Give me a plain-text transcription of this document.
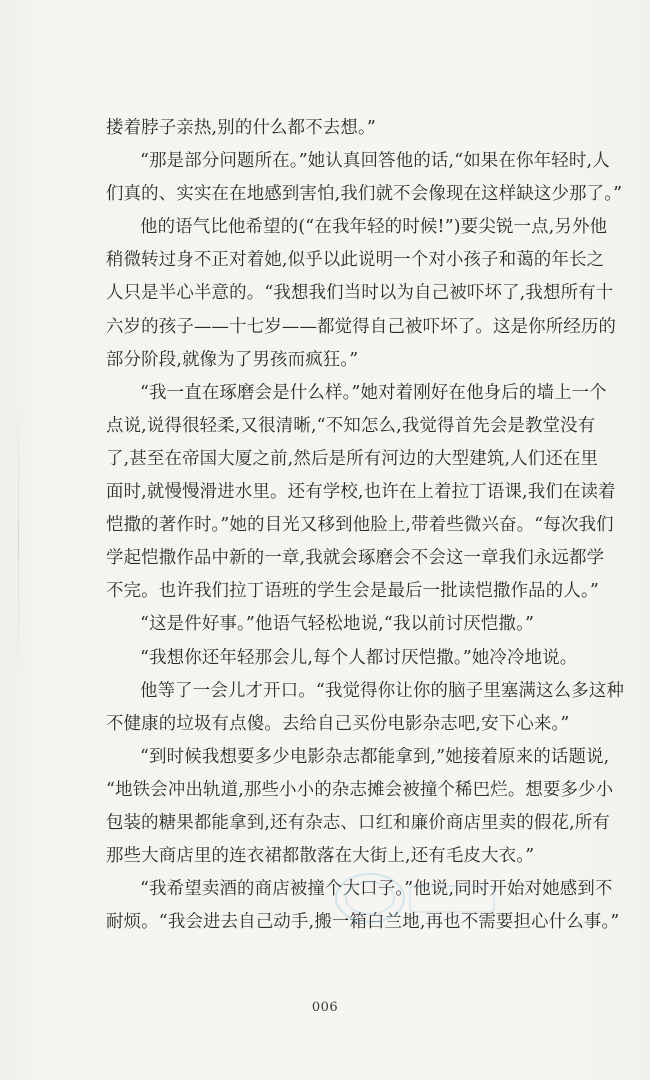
搂着脖子亲热,别的什么都不去想。”
“那是部分问题所在。”她认真回答他的话,“如果在你年轻时,人
们真的、实实在在地感到害怕,我们就不会像现在这样缺这少那了。”
他的语气比他希望的(“在我年轻的时候!”)要尖锐一点,另外他
稍微转过身不正对着她,似乎以此说明一个对小孩子和蔼的年长之
人只是半心半意的。“我想我们当时以为自己被吓坏了,我想所有十
六岁的孩子——十七岁——都觉得自己被吓坏了。这是你所经历的
部分阶段,就像为了男孩而疯狂。”
“我一直在琢磨会是什么样。”她对着刚好在他身后的墙上一个
点说,说得很轻柔,又很清晰,“不知怎么,我觉得首先会是教堂没有
了,甚至在帝国大厦之前,然后是所有河边的大型建筑,人们还在里
面时,就慢慢滑进水里。还有学校,也许在上着拉丁语课,我们在读着
恺撒的著作时。”她的目光又移到他脸上,带着些微兴奋。“每次我们
学起恺撒作品中新的一章,我就会琢磨会不会这一章我们永远都学
不完。也许我们拉丁语班的学生会是最后一批读恺撒作品的人。”
“这是件好事。”他语气轻松地说,“我以前讨厌恺撒。”
“我想你还年轻那会儿,每个人都讨厌恺撒。”她冷冷地说。
他等了一会儿才开口。“我觉得你让你的脑子里塞满这么多这种
不健康的垃圾有点傻。去给自己买份电影杂志吧,安下心来。”
“到时候我想要多少电影杂志都能拿到,”她接着原来的话题说,
“地铁会冲出轨道,那些小小的杂志摊会被撞个稀巴烂。想要多少小
包装的糖果都能拿到,还有杂志、口红和廉价商店里卖的假花,所有
那些大商店里的连衣裙都散落在大街上,还有毛皮大衣。”
“我希望卖酒的商店被撞个大口子。”他说,同时开始对她感到不
耐烦。“我会进去自己动手,搬一箱白兰地,再也不需要担心什么事。”
006
